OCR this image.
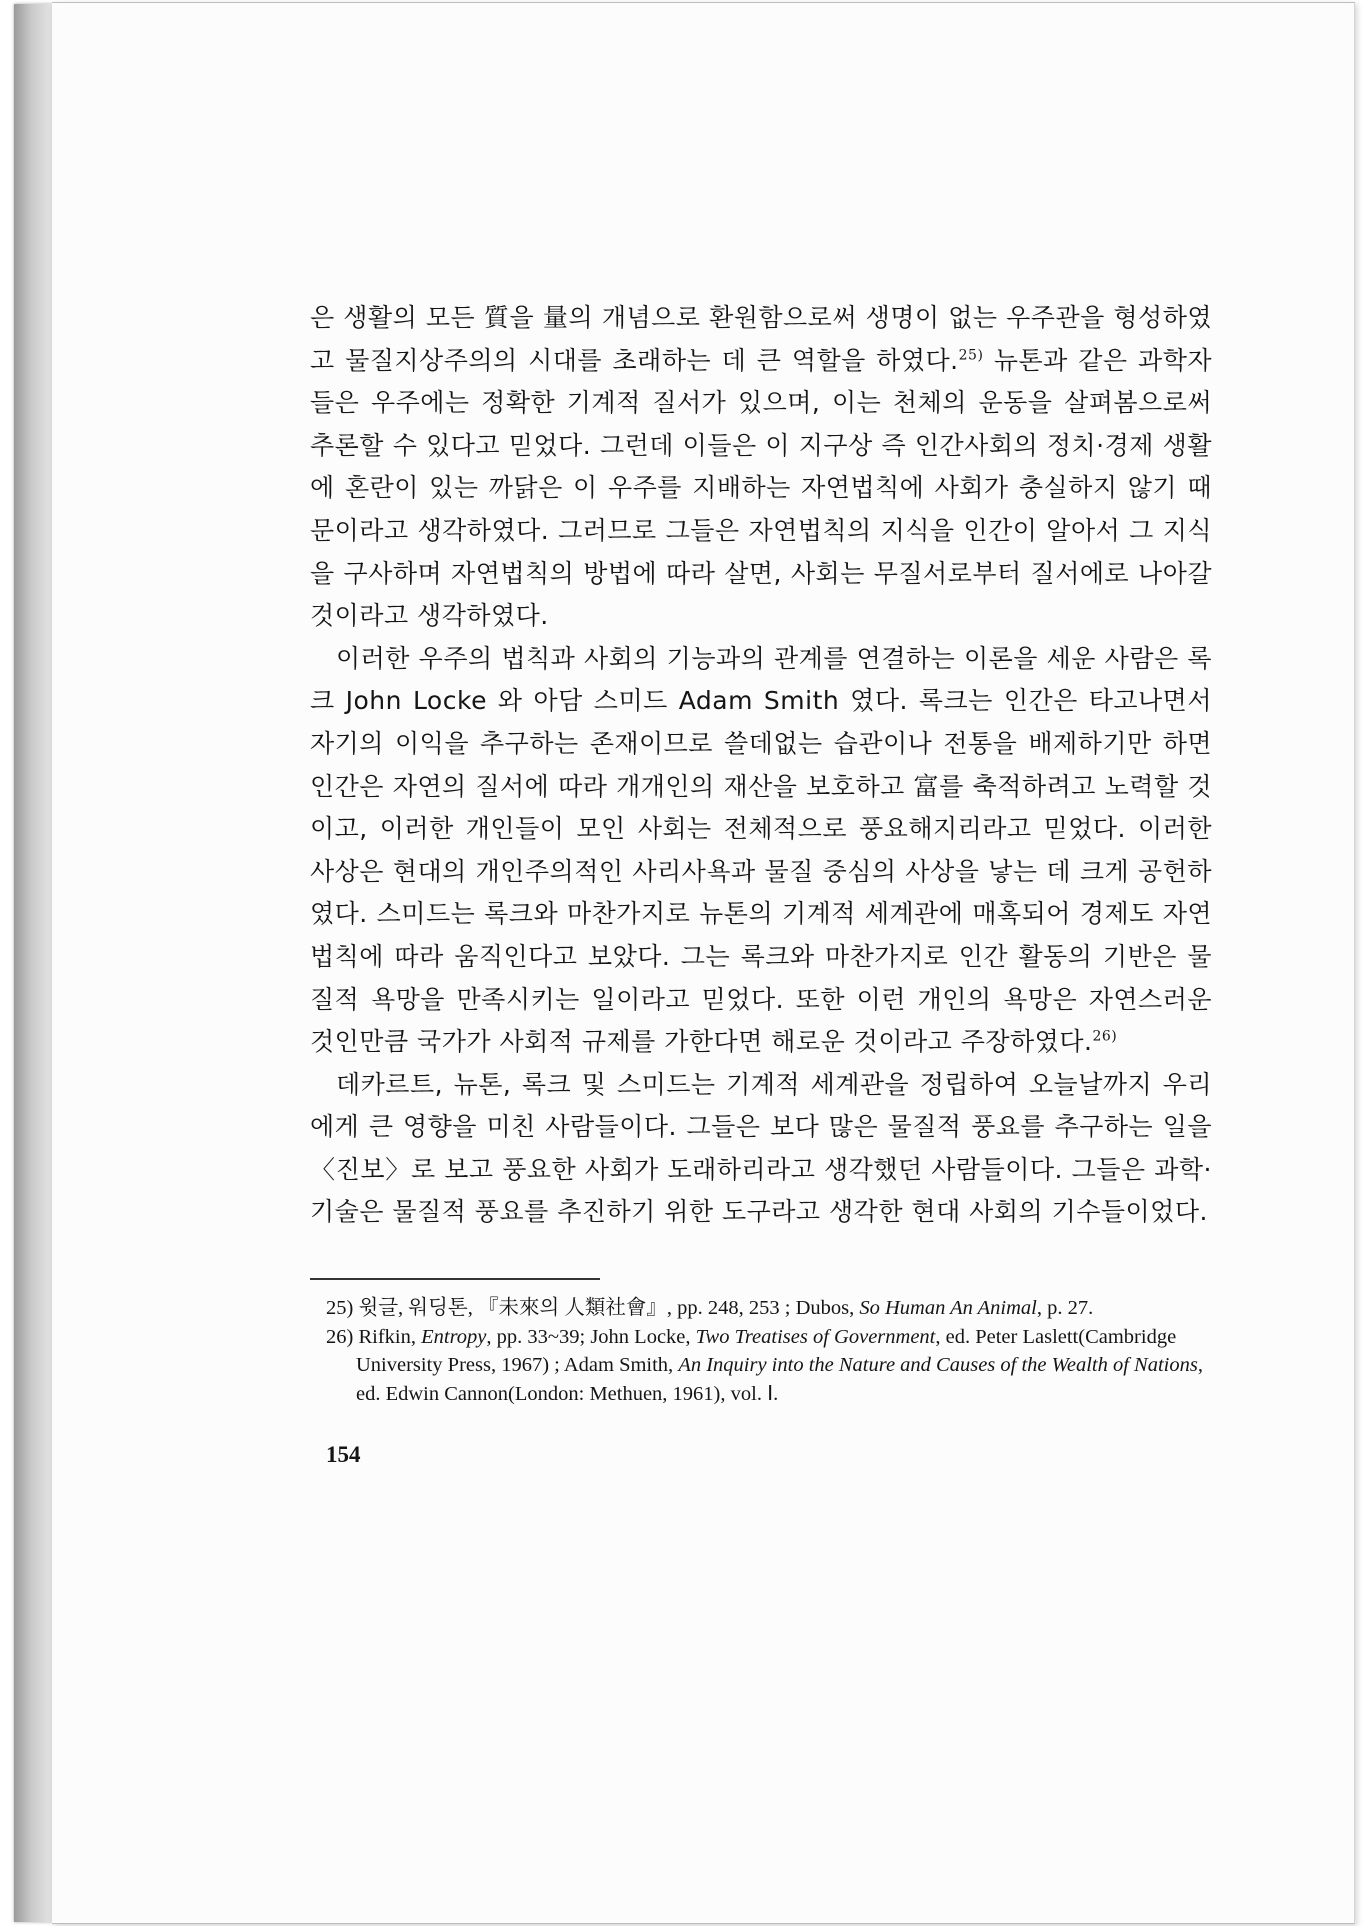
은 생활의 모든 質을 量의 개념으로 환원함으로써 생명이 없는 우주관을 형성하였고 물질지상주의의 시대를 초래하는 데 큰 역할을 하였다.$^{25)}$ 뉴톤과 같은 과학자들은 우주에는 정확한 기계적 질서가 있으며, 이는 천체의 운동을 살펴봄으로써 추론할 수 있다고 믿었다. 그런데 이들은 이 지구상 즉 인간사회의 정치·경제 생활에 혼란이 있는 까닭은 이 우주를 지배하는 자연법칙에 사회가 충실하지 않기 때문이라고 생각하였다. 그러므로 그들은 자연법칙의 지식을 인간이 알아서 그 지식을 구사하며 자연법칙의 방법에 따라 살면, 사회는 무질서로부터 질서에로 나아갈 것이라고 생각하였다.

이러한 우주의 법칙과 사회의 기능과의 관계를 연결하는 이론을 세운 사람은 록크 John Locke 와 아담 스미드 Adam Smith 였다. 록크는 인간은 타고나면서 자기의 이익을 추구하는 존재이므로 쓸데없는 습관이나 전통을 배제하기만 하면 인간은 자연의 질서에 따라 개개인의 재산을 보호하고 富를 축적하려고 노력할 것이고, 이러한 개인들이 모인 사회는 전체적으로 풍요해지리라고 믿었다. 이러한 사상은 현대의 개인주의적인 사리사욕과 물질 중심의 사상을 낳는 데 크게 공헌하였다. 스미드는 록크와 마찬가지로 뉴톤의 기계적 세계관에 매혹되어 경제도 자연법칙에 따라 움직인다고 보았다. 그는 록크와 마찬가지로 인간 활동의 기반은 물질적 욕망을 만족시키는 일이라고 믿었다. 또한 이런 개인의 욕망은 자연스러운 것인만큼 국가가 사회적 규제를 가한다면 해로운 것이라고 주장하였다.$^{26)}$

데카르트, 뉴톤, 록크 및 스미드는 기계적 세계관을 정립하여 오늘날까지 우리에게 큰 영향을 미친 사람들이다. 그들은 보다 많은 물질적 풍요를 추구하는 일을 〈진보〉로 보고 풍요한 사회가 도래하리라고 생각했던 사람들이다. 그들은 과학·기술은 물질적 풍요를 추진하기 위한 도구라고 생각한 현대 사회의 기수들이었다.

25) 윗글, 워딩톤, 『未來의 人類社會』, pp. 248, 253 ; Dubos, So Human An Animal, p. 27.

26) Rifkin, Entropy, pp. 33~39; John Locke, Two Treatises of Government, ed. Peter Laslett(Cambridge University Press, 1967) ; Adam Smith, An Inquiry into the Nature and Causes of the Wealth of Nations, ed. Edwin Cannon(London: Methuen, 1961), vol. Ⅰ.

154
